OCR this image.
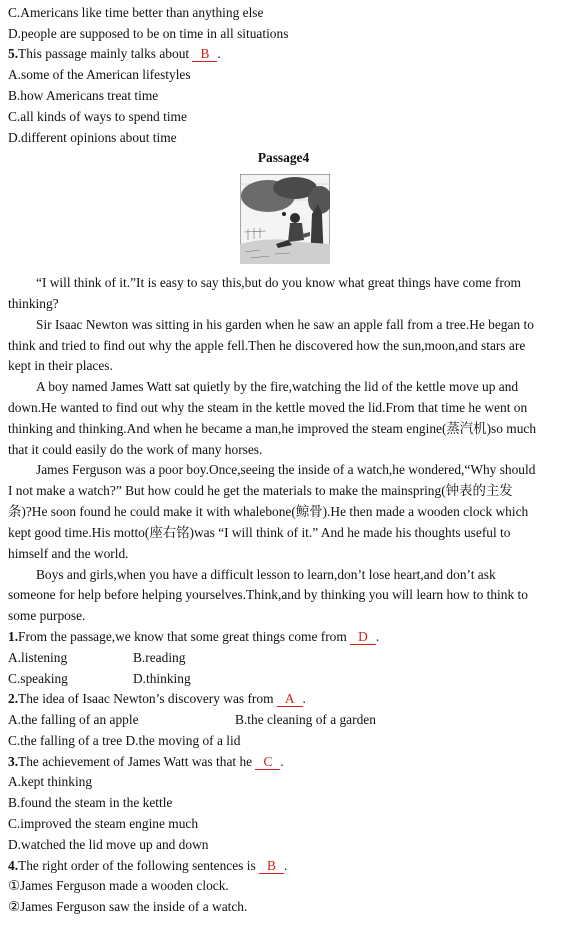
C.Americans like time better than anything else
D.people are supposed to be on time in all situations
5.This passage mainly talks about B .
A.some of the American lifestyles
B.how Americans treat time
C.all kinds of ways to spend time
D.different opinions about time
Passage4
“I will think of it.”It is easy to say this,but do you know what great things have come from
thinking?
Sir Isaac Newton was sitting in his garden when he saw an apple fall from a tree.He began to
think and tried to find out why the apple fell.Then he discovered how the sun,moon,and stars are
kept in their places.
A boy named James Watt sat quietly by the fire,watching the lid of the kettle move up and
down.He wanted to find out why the steam in the kettle moved the lid.From that time he went on
thinking and thinking.And when he became a man,he improved the steam engine(蒸汽机)so much
that it could easily do the work of many horses.
James Ferguson was a poor boy.Once,seeing the inside of a watch,he wondered,“Why should
I not make a watch?” But how could he get the materials to make the mainspring(钟表的主发
条)?He soon found he could make it with whalebone(鲸骨).He then made a wooden clock which
kept good time.His motto(座右铭)was “I will think of it.” And he made his thoughts useful to
himself and the world.
Boys and girls,when you have a difficult lesson to learn,don’t lose heart,and don’t ask
someone for help before helping yourselves.Think,and by thinking you will learn how to think to
some purpose.
1.From the passage,we know that some great things come from D .
A.listening	B.reading
C.speaking	D.thinking
2.The idea of Isaac Newton’s discovery was from A .
A.the falling of an apple	B.the cleaning of a garden
C.the falling of a tree D.the moving of a lid
3.The achievement of James Watt was that he C .
A.kept thinking
B.found the steam in the kettle
C.improved the steam engine much
D.watched the lid move up and down
4.The right order of the following sentences is B .
①James Ferguson made a wooden clock.
②James Ferguson saw the inside of a watch.
